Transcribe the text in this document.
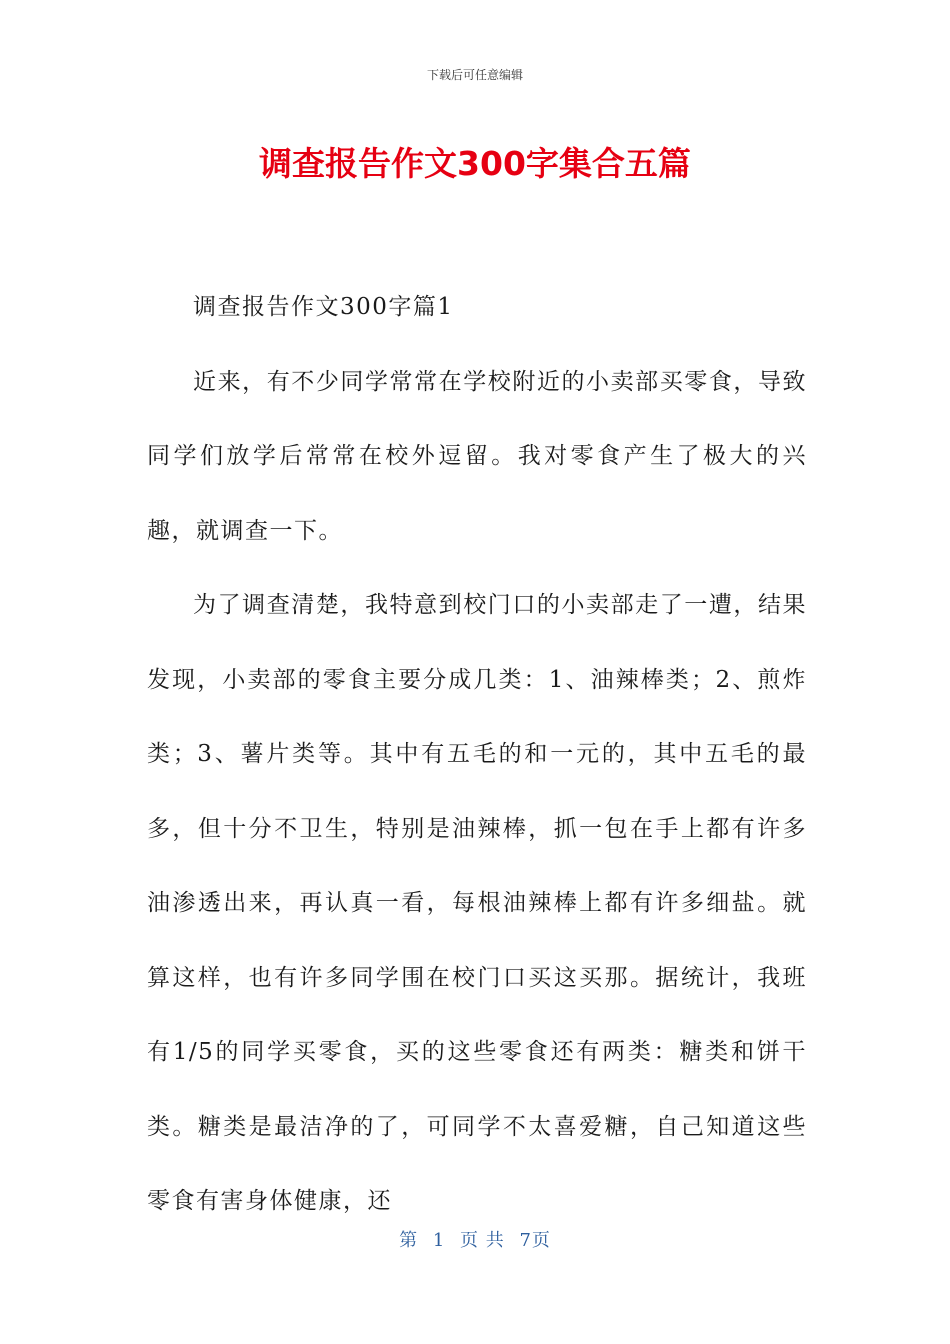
下载后可任意编辑
调查报告作文300字集合五篇

调查报告作文300字篇1

近来，有不少同学常常在学校附近的小卖部买零食，导致同学们放学后常常在校外逗留。我对零食产生了极大的兴趣，就调查一下。

为了调查清楚，我特意到校门口的小卖部走了一遭，结果发现，小卖部的零食主要分成几类：1、油辣棒类；2、煎炸类；3、薯片类等。其中有五毛的和一元的，其中五毛的最多，但十分不卫生，特别是油辣棒，抓一包在手上都有许多油渗透出来，再认真一看，每根油辣棒上都有许多细盐。就算这样，也有许多同学围在校门口买这买那。据统计，我班有1/5的同学买零食，买的这些零食还有两类：糖类和饼干类。糖类是最洁净的了，可同学不太喜爱糖，自己知道这些零食有害身体健康，还

第 1 页 共 7页
